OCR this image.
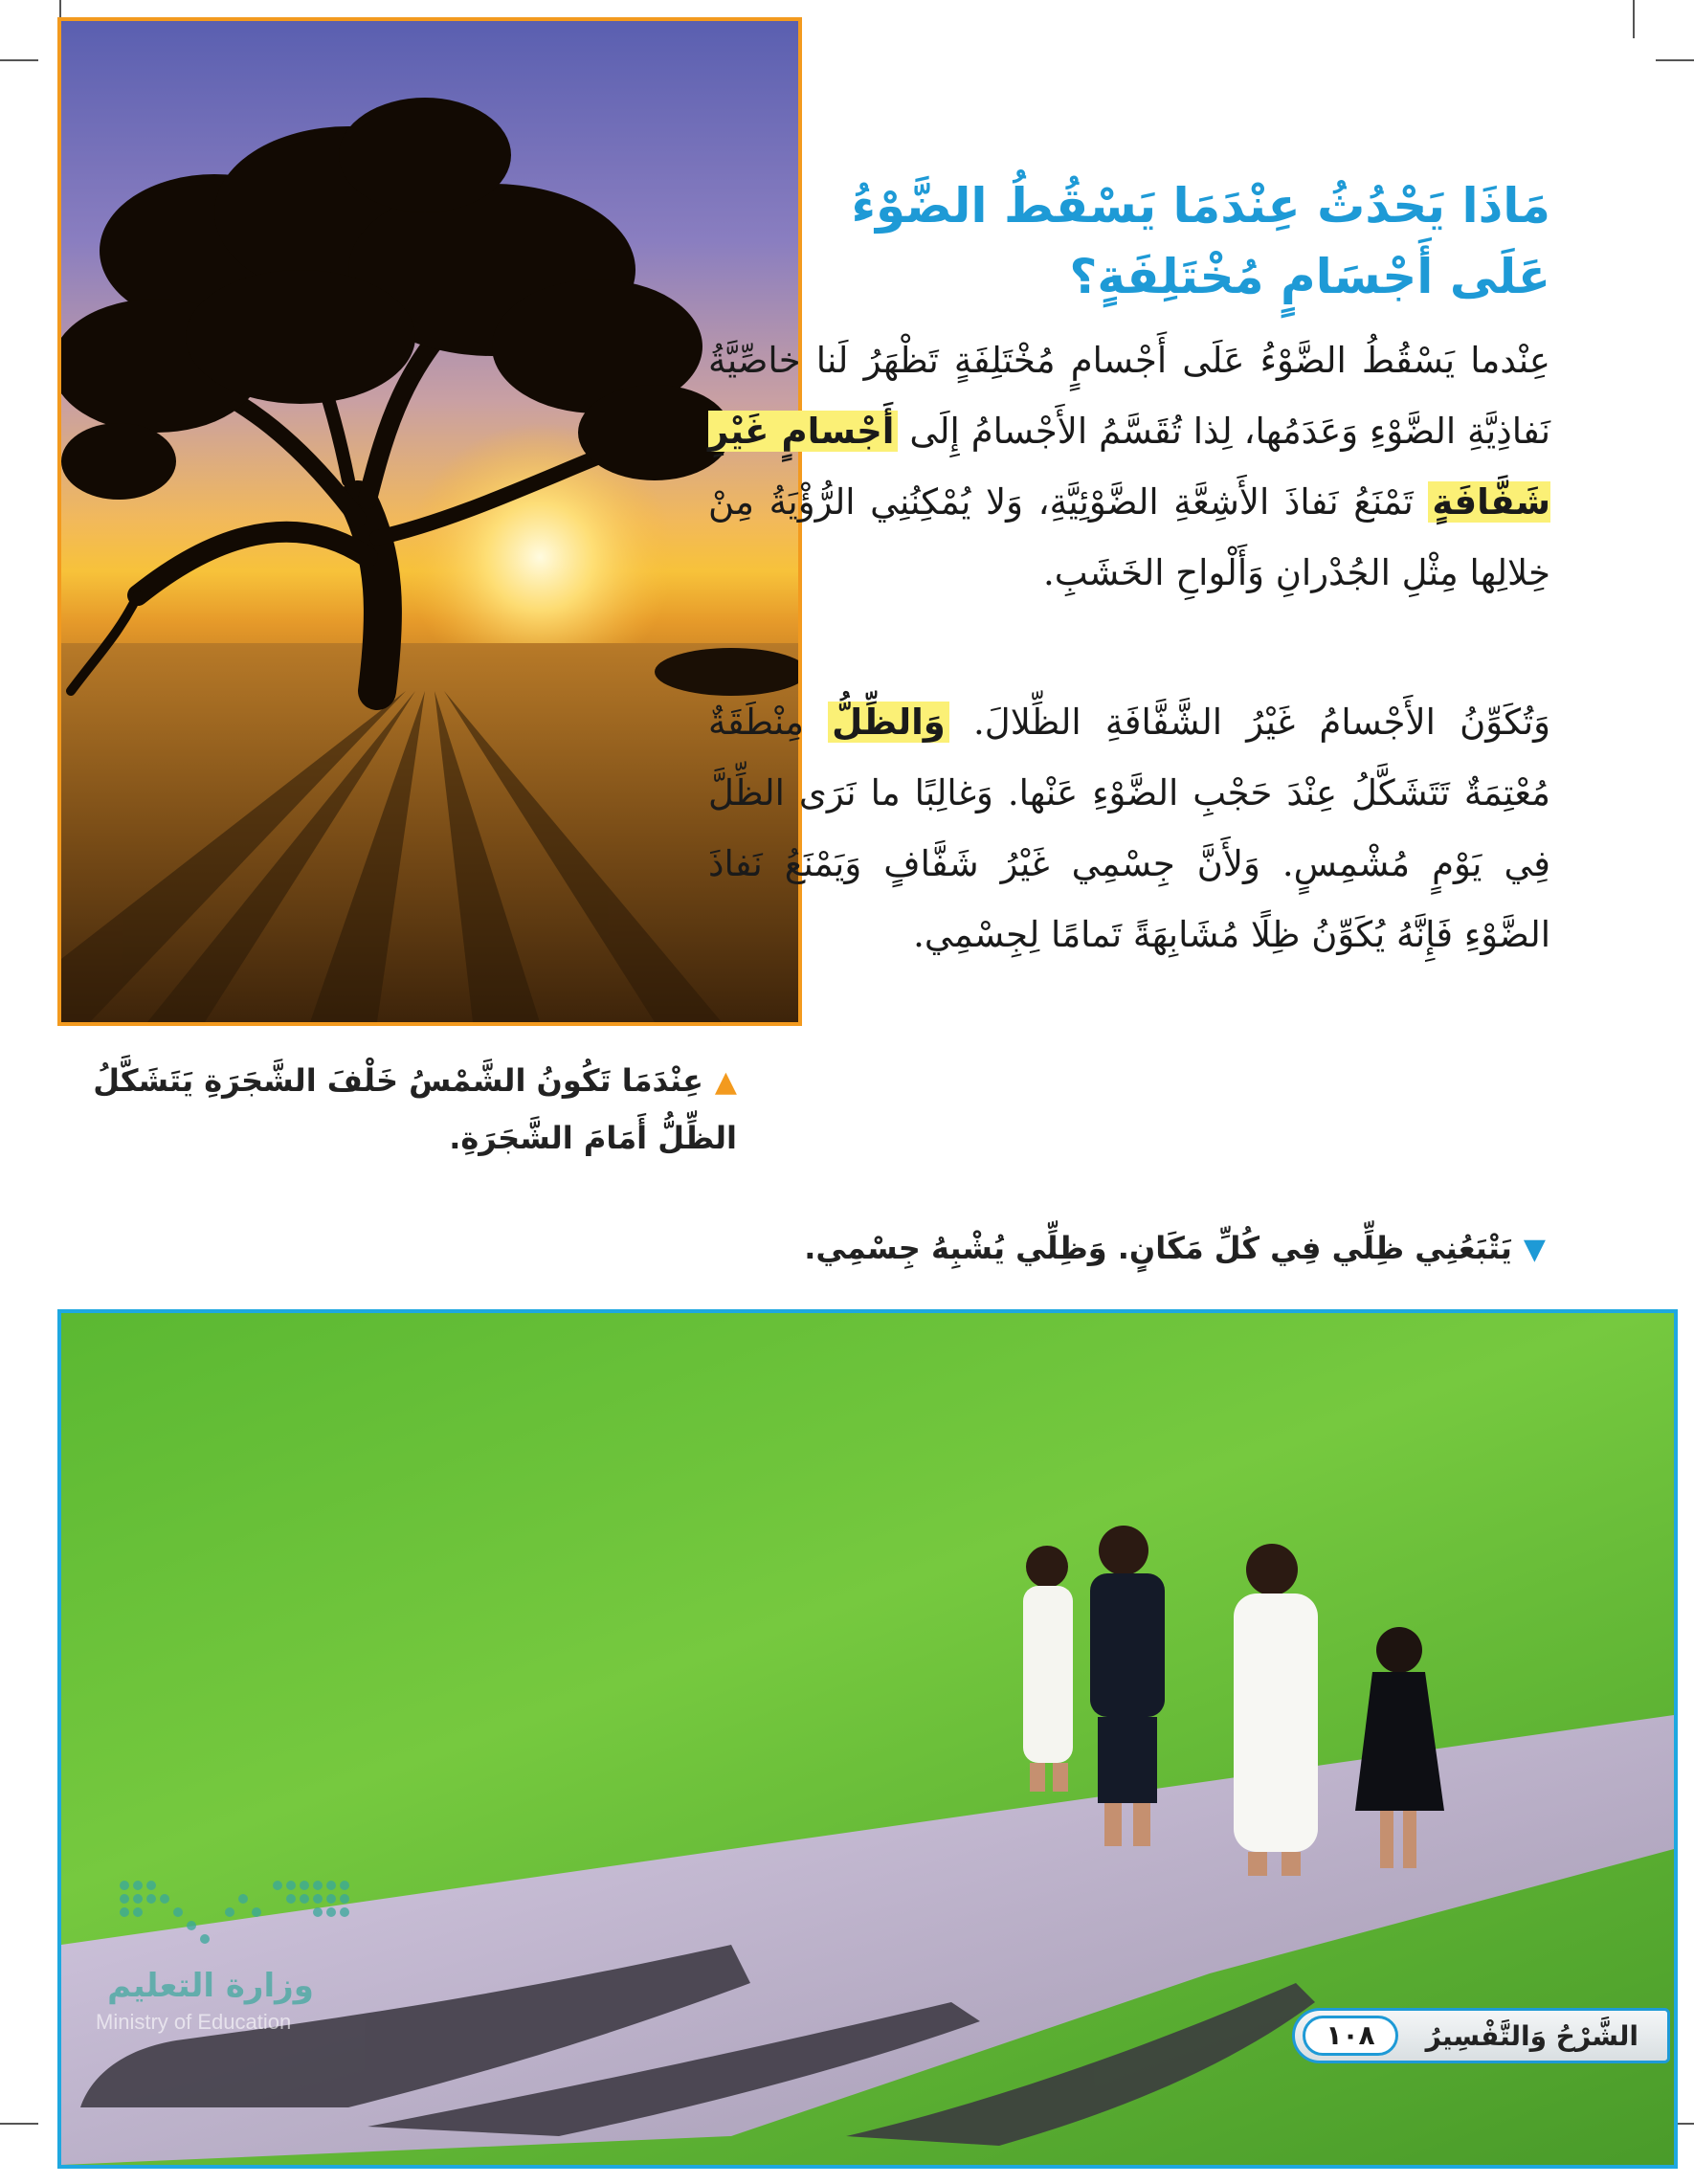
مَاذَا يَحْدُثُ عِنْدَمَا يَسْقُطُ الضَّوْءُ عَلَى أَجْسَامٍ مُخْتَلِفَةٍ؟

عِنْدما يَسْقُطُ الضَّوْءُ عَلَى أَجْسامٍ مُخْتَلِفَةٍ تَظْهَرُ لَنا خاصِّيَّةُ نَفاذِيَّةِ الضَّوْءِ وَعَدَمُها، لِذا تُقَسَّمُ الأَجْسامُ إِلَى أَجْسامٍ غَيْرِ شَفَّافَةٍ تَمْنَعُ نَفاذَ الأَشِعَّةِ الضَّوْئِيَّةِ، وَلا يُمْكِنُنِي الرُّؤْيَةُ مِنْ خِلالِها مِثْلِ الجُدْرانِ وَأَلْواحِ الخَشَبِ.

وَتُكَوِّنُ الأَجْسامُ غَيْرُ الشَّفَّافَةِ الظِّلالَ. وَالظِّلُّ مِنْطَقَةٌ مُعْتِمَةٌ تَتَشَكَّلُ عِنْدَ حَجْبِ الضَّوْءِ عَنْها. وَغالِبًا ما نَرَى الظِّلَّ فِي يَوْمٍ مُشْمِسٍ. وَلأَنَّ جِسْمِي غَيْرُ شَفَّافٍ وَيَمْنَعُ نَفاذَ الضَّوْءِ فَإِنَّهُ يُكَوِّنُ ظِلًا مُشَابِهَةً تَمامًا لِجِسْمِي.

▲عِنْدَمَا تَكُونُ الشَّمْسُ خَلْفَ الشَّجَرَةِ يَتَشَكَّلُ الظِّلُّ أَمَامَ الشَّجَرَةِ.

▼يَتْبَعُنِي ظِلِّي فِي كُلِّ مَكَانٍ. وَظِلِّي يُشْبِهُ جِسْمِي.

وزارة التعليم
Ministry of Education	الشَّرْحُ وَالتَّفْسِيرُ
١٠٨
